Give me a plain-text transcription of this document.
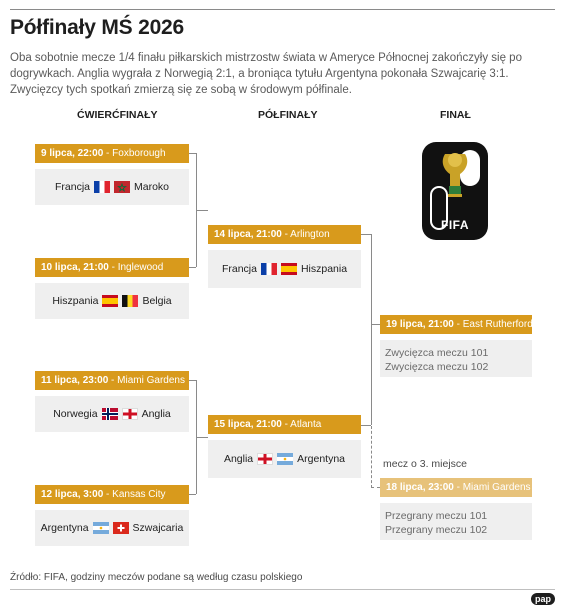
Półfinały MŚ 2026
Oba sobotnie mecze 1/4 finału piłkarskich mistrzostw świata w Ameryce Północnej zakończyły się po dogrywkach. Anglia wygrała z Norwegią 2:1, a broniąca tytułu Argentyna pokonała Szwajcarię 3:1. Zwycięzcy tych spotkań zmierzą się ze sobą w środowym półfinale.
ĆWIERĆFINAŁY	PÓŁFINAŁY	FINAŁ
9 lipca, 22:00 - Foxborough
Francja	Maroko
10 lipca, 21:00 - Inglewood
Hiszpania	Belgia
11 lipca, 23:00 - Miami Gardens
Norwegia	Anglia
12 lipca, 3:00 - Kansas City
Argentyna	Szwajcaria
14 lipca, 21:00 - Arlington
Francja	Hiszpania
15 lipca, 21:00 - Atlanta
Anglia	Argentyna
FIFA
19 lipca, 21:00 - East Rutherford
Zwycięzca meczu 101
Zwycięzca meczu 102
mecz o 3. miejsce
18 lipca, 23:00 - Miami Gardens
Przegrany meczu 101
Przegrany meczu 102
Źródło: FIFA, godziny meczów podane są według czasu polskiego
pap
